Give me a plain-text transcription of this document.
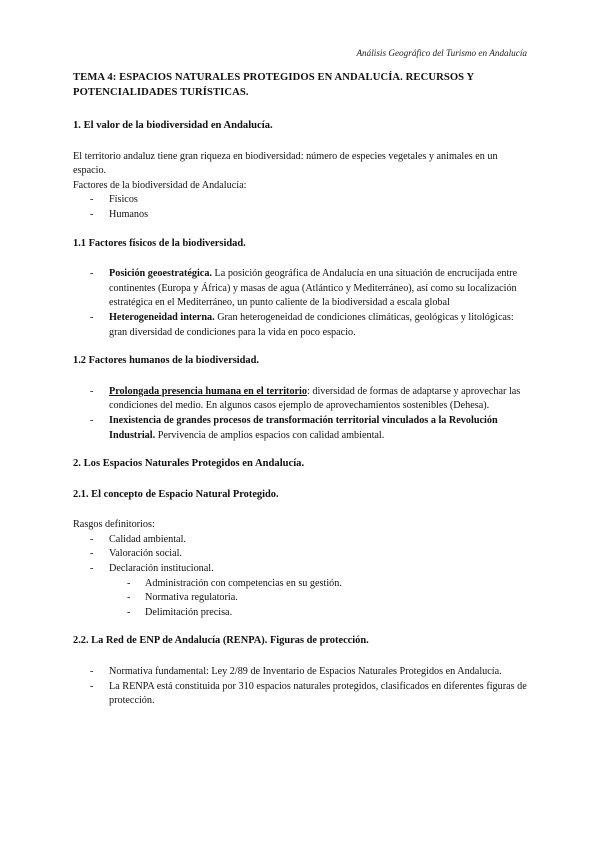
Análisis Geográfico del Turismo en Andalucía
TEMA 4: ESPACIOS NATURALES PROTEGIDOS EN ANDALUCÍA. RECURSOS Y POTENCIALIDADES TURÍSTICAS.
1. El valor de la biodiversidad en Andalucía.

El territorio andaluz tiene gran riqueza en biodiversidad: número de especies vegetales y animales en un espacio.

Factores de la biodiversidad de Andalucía:

- Físicos
- Humanos
1.1 Factores físicos de la biodiversidad.
- Posición geoestratégica. La posición geográfica de Andalucía en una situación de encrucijada entre continentes (Europa y África) y masas de agua (Atlántico y Mediterráneo), así como su localización estratégica en el Mediterráneo, un punto caliente de la biodiversidad a escala global
- Heterogeneidad interna. Gran heterogeneidad de condiciones climáticas, geológicas y litológicas: gran diversidad de condiciones para la vida en poco espacio.
1.2 Factores humanos de la biodiversidad.
- Prolongada presencia humana en el territorio: diversidad de formas de adaptarse y aprovechar las condiciones del medio. En algunos casos ejemplo de aprovechamientos sostenibles (Dehesa).
- Inexistencia de grandes procesos de transformación territorial vinculados a la Revolución Industrial. Pervivencia de amplios espacios con calidad ambiental.
2. Los Espacios Naturales Protegidos en Andalucía.
2.1. El concepto de Espacio Natural Protegido.

Rasgos definitorios:

- Calidad ambiental.
- Valoración social.
- Declaración institucional.
- Administración con competencias en su gestión.
- Normativa regulatoria.
- Delimitación precisa.
2.2. La Red de ENP de Andalucía (RENPA). Figuras de protección.
- Normativa fundamental: Ley 2/89 de Inventario de Espacios Naturales Protegidos en Andalucía.
- La RENPA está constituida por 310 espacios naturales protegidos, clasificados en diferentes figuras de protección.
